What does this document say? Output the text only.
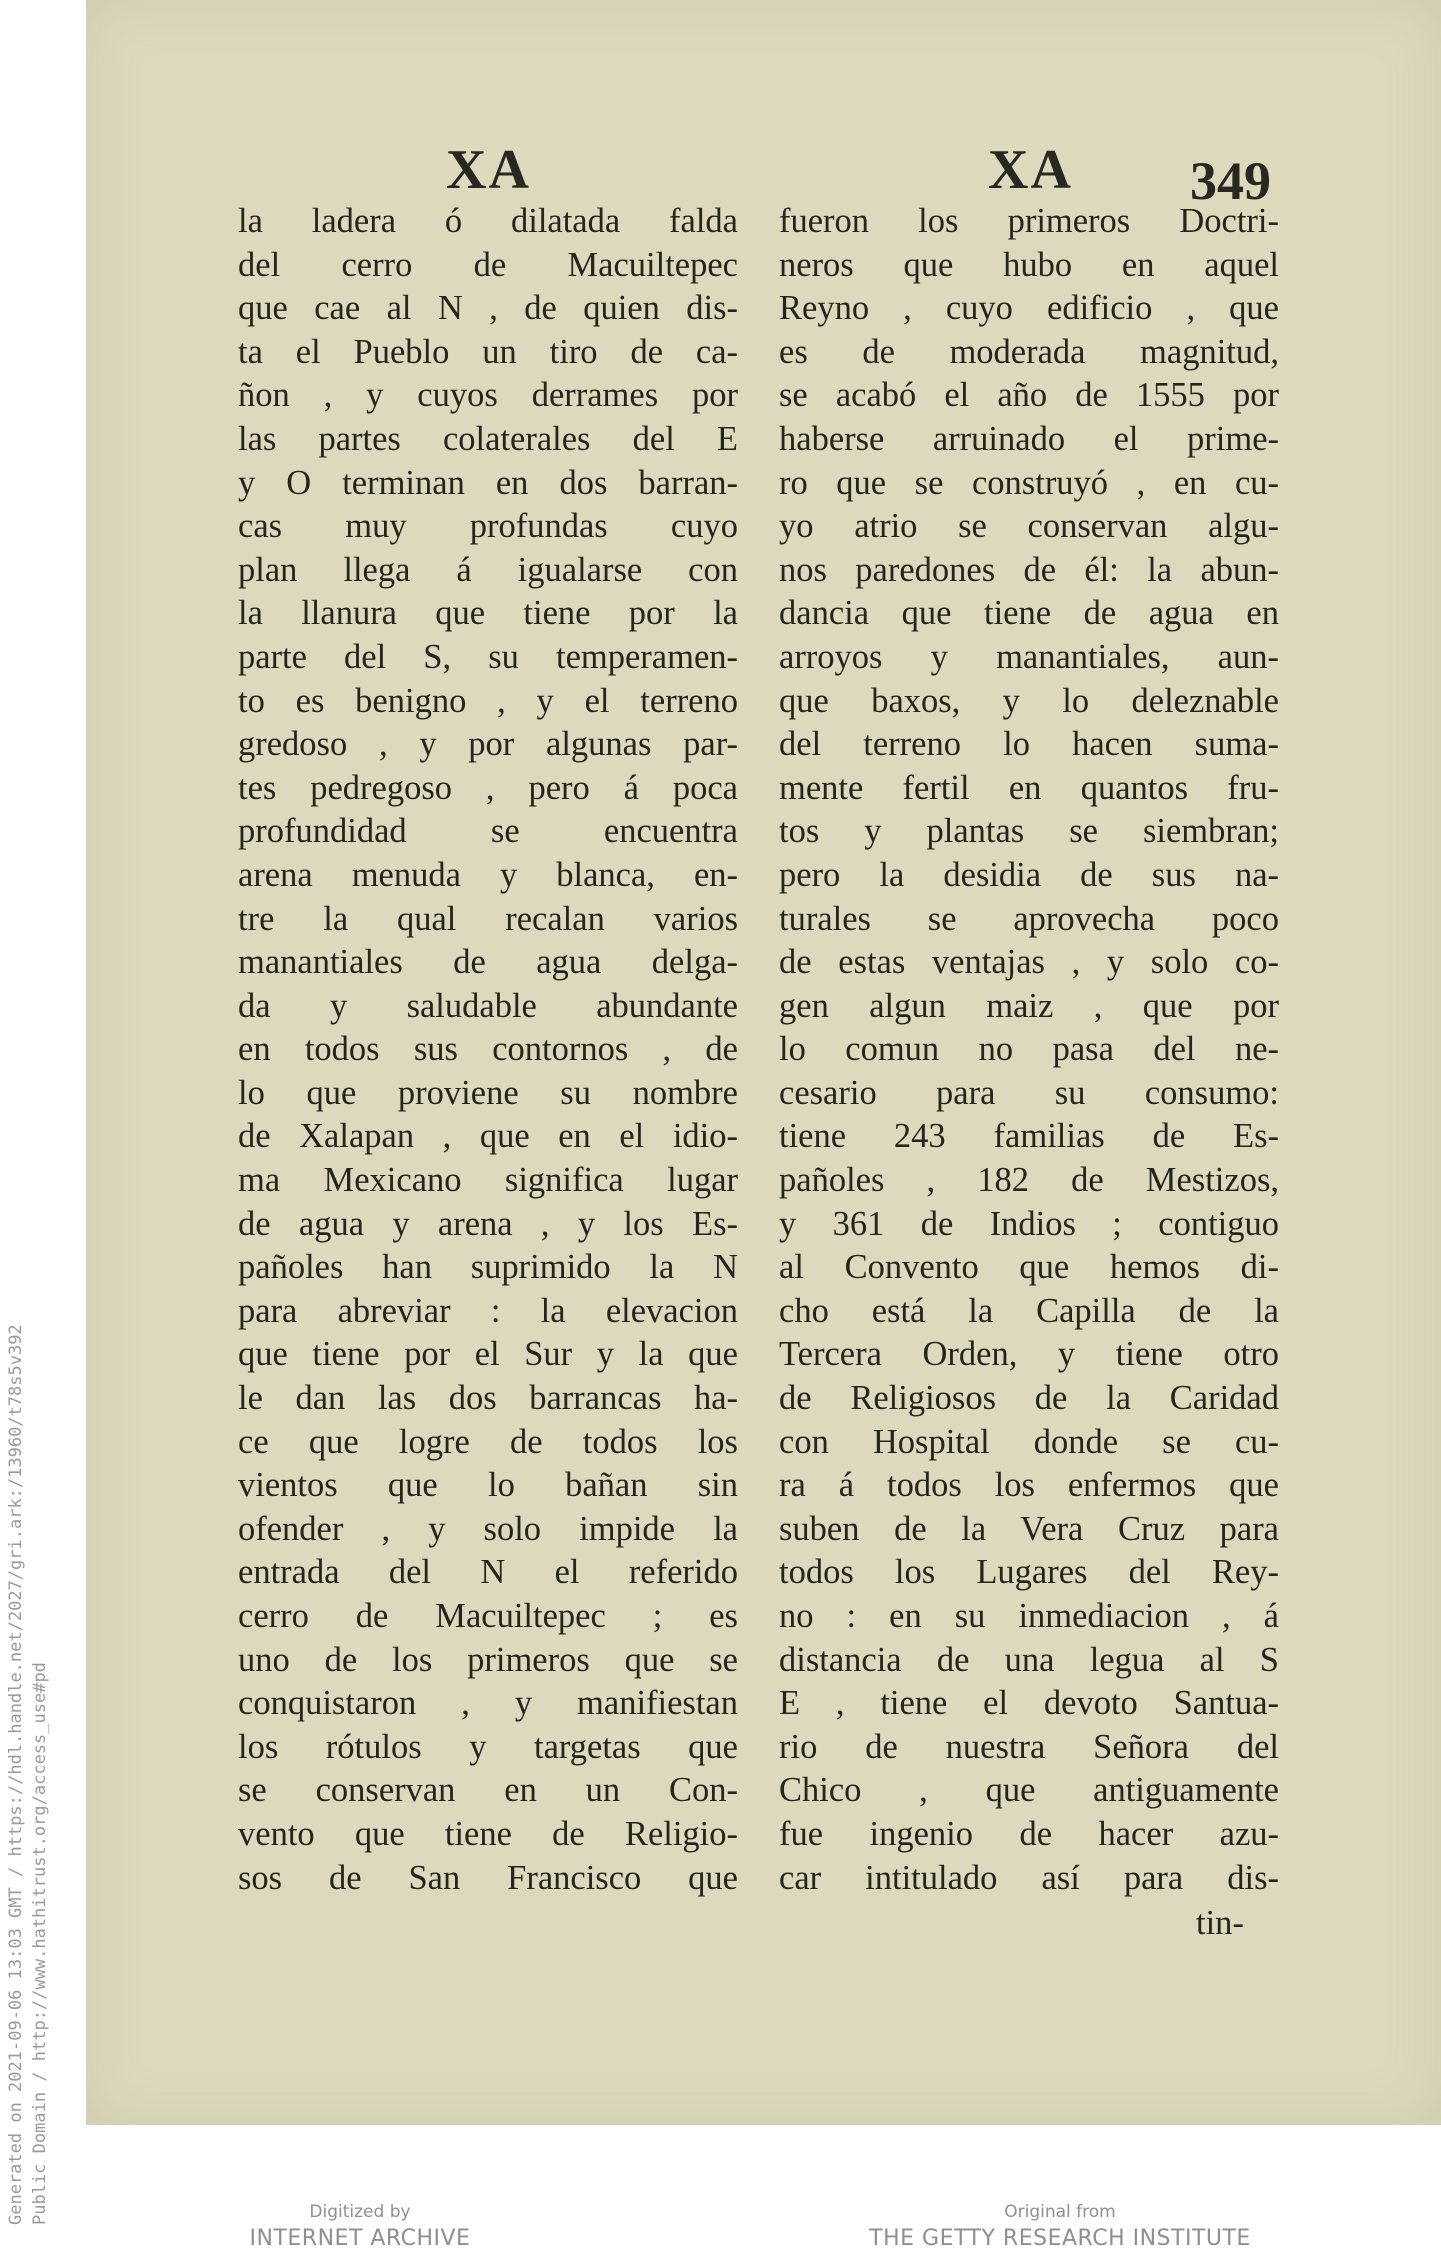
XA	XA 349
la ladera ó dilatada falda
del cerro de Macuiltepec
que cae al N , de quien dis-
ta el Pueblo un tiro de ca-
ñon , y cuyos derrames por
las partes colaterales del E
y O terminan en dos barran-
cas muy profundas cuyo
plan llega á igualarse con
la llanura que tiene por la
parte del S, su temperamen-
to es benigno , y el terreno
gredoso , y por algunas par-
tes pedregoso , pero á poca
profundidad se encuentra
arena menuda y blanca, en-
tre la qual recalan varios
manantiales de agua delga-
da y saludable abundante
en todos sus contornos , de
lo que proviene su nombre
de Xalapan , que en el idio-
ma Mexicano significa lugar
de agua y arena , y los Es-
pañoles han suprimido la N
para abreviar : la elevacion
que tiene por el Sur y la que
le dan las dos barrancas ha-
ce que logre de todos los
vientos que lo bañan sin
ofender , y solo impide la
entrada del N el referido
cerro de Macuiltepec ; es
uno de los primeros que se
conquistaron , y manifiestan
los rótulos y targetas que
se conservan en un Con-
vento que tiene de Religio-
sos de San Francisco que
fueron los primeros Doctri-
neros que hubo en aquel
Reyno , cuyo edificio , que
es de moderada magnitud,
se acabó el año de 1555 por
haberse arruinado el prime-
ro que se construyó , en cu-
yo atrio se conservan algu-
nos paredones de él: la abun-
dancia que tiene de agua en
arroyos y manantiales, aun-
que baxos, y lo deleznable
del terreno lo hacen suma-
mente fertil en quantos fru-
tos y plantas se siembran;
pero la desidia de sus na-
turales se aprovecha poco
de estas ventajas , y solo co-
gen algun maiz , que por
lo comun no pasa del ne-
cesario para su consumo:
tiene 243 familias de Es-
pañoles , 182 de Mestizos,
y 361 de Indios ; contiguo
al Convento que hemos di-
cho está la Capilla de la
Tercera Orden, y tiene otro
de Religiosos de la Caridad
con Hospital donde se cu-
ra á todos los enfermos que
suben de la Vera Cruz para
todos los Lugares del Rey-
no : en su inmediacion , á
distancia de una legua al S
E , tiene el devoto Santua-
rio de nuestra Señora del
Chico , que antiguamente
fue ingenio de hacer azu-
car intitulado así para dis-
tin-
Generated on 2021-09-06 13:03 GMT / https://hdl.handle.net/2027/gri.ark:/13960/t78s5v392 Public Domain / http://www.hathitrust.org/access_use#pd	Digitized by
INTERNET ARCHIVE
Original from
THE GETTY RESEARCH INSTITUTE
